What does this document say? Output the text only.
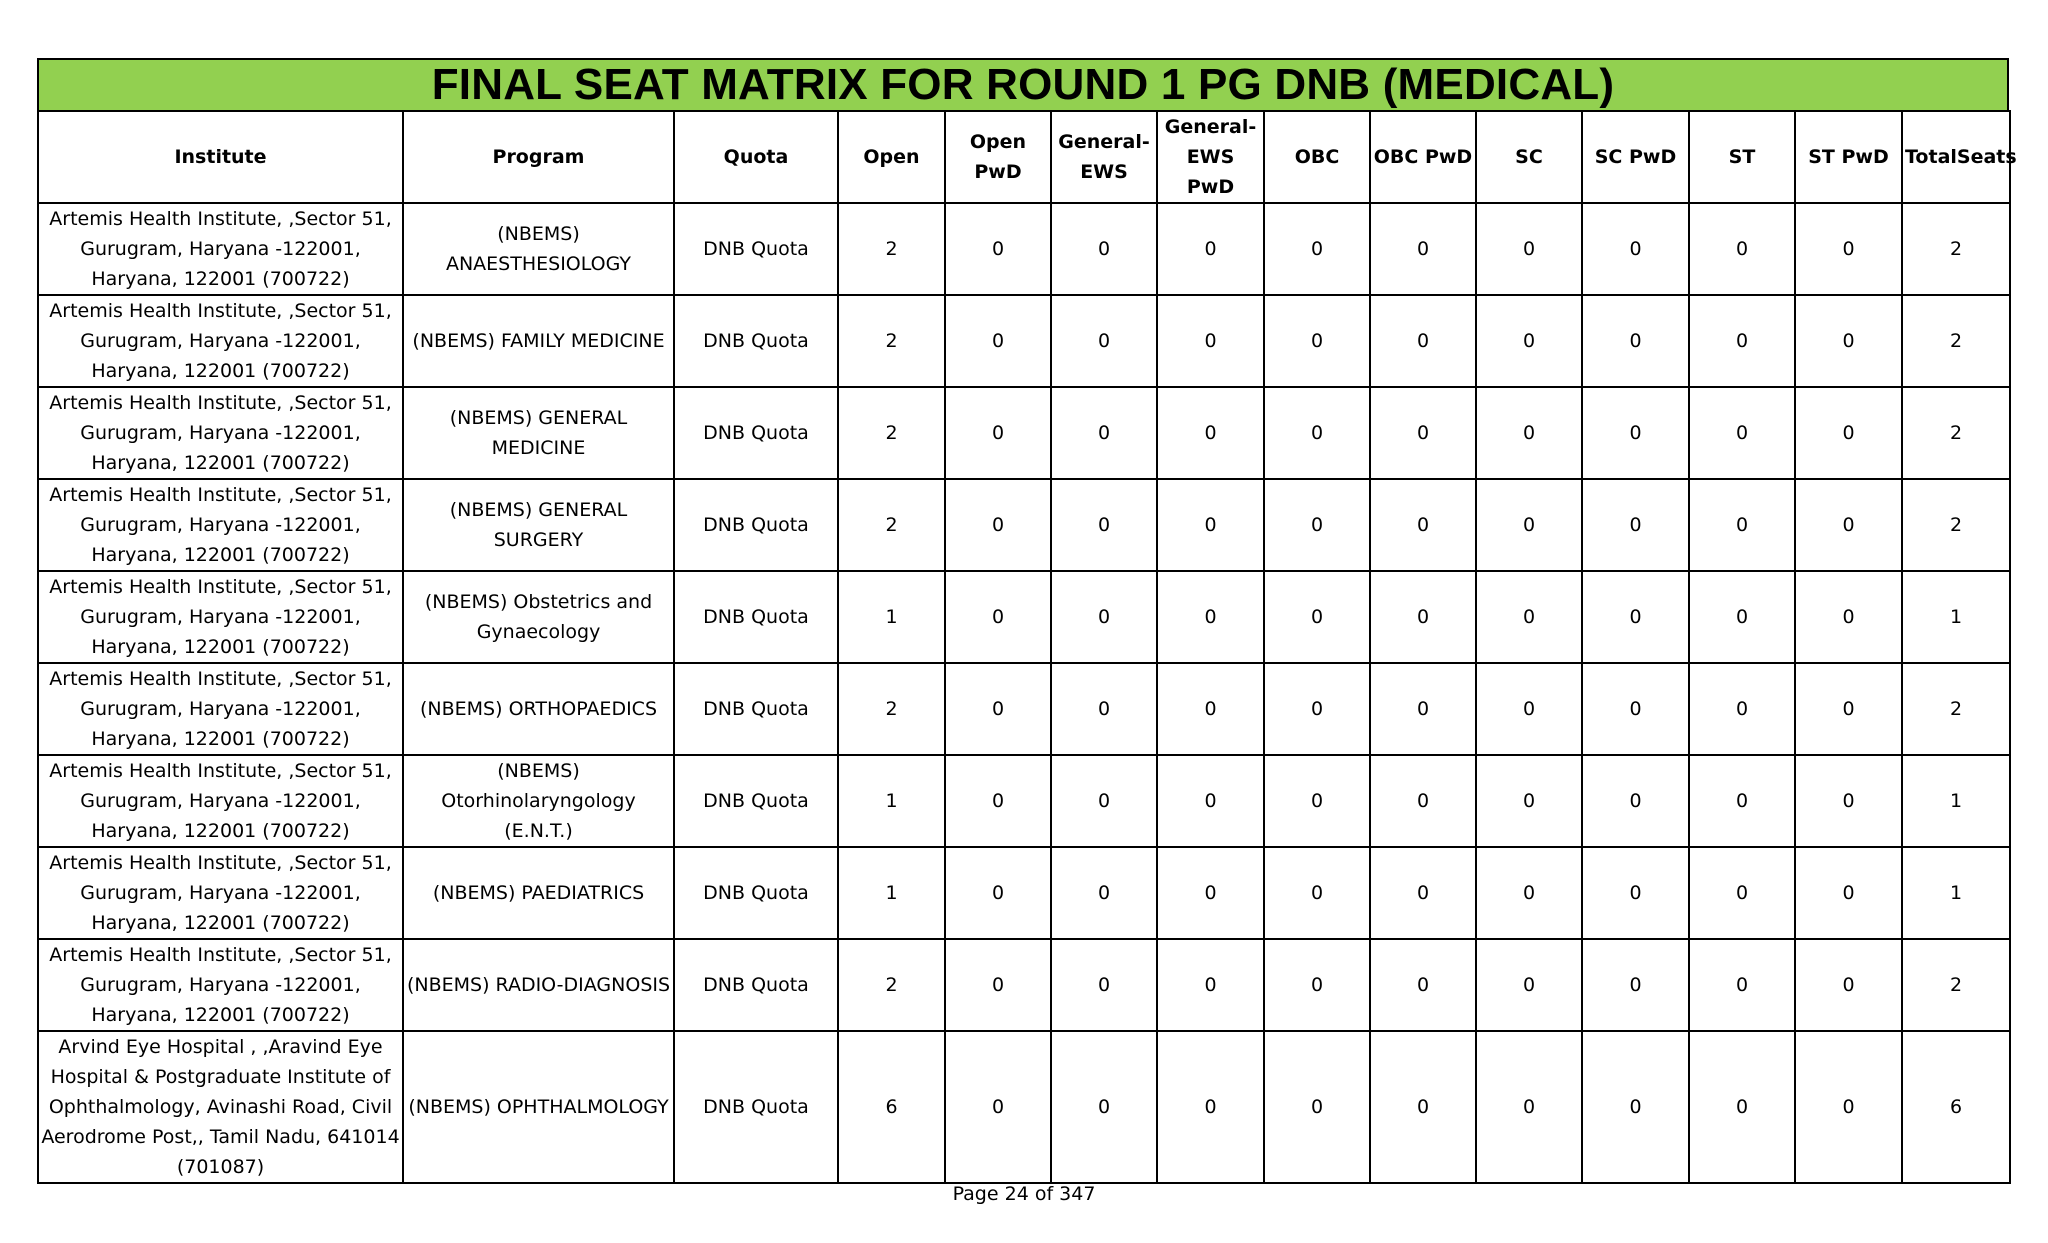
FINAL SEAT MATRIX FOR ROUND 1 PG DNB (MEDICAL)
Institute	Program	Quota	Open	Open PwD	General-EWS	General-EWS PwD	OBC	OBC PwD	SC	SC PwD	ST	ST PwD	TotalSeats
Artemis Health Institute, ,Sector 51, Gurugram, Haryana -122001, Haryana, 122001 (700722)	(NBEMS) ANAESTHESIOLOGY	DNB Quota	2	0	0	0	0	0	0	0	0	0	2
Artemis Health Institute, ,Sector 51, Gurugram, Haryana -122001, Haryana, 122001 (700722)	(NBEMS) FAMILY MEDICINE	DNB Quota	2	0	0	0	0	0	0	0	0	0	2
Artemis Health Institute, ,Sector 51, Gurugram, Haryana -122001, Haryana, 122001 (700722)	(NBEMS) GENERAL MEDICINE	DNB Quota	2	0	0	0	0	0	0	0	0	0	2
Artemis Health Institute, ,Sector 51, Gurugram, Haryana -122001, Haryana, 122001 (700722)	(NBEMS) GENERAL SURGERY	DNB Quota	2	0	0	0	0	0	0	0	0	0	2
Artemis Health Institute, ,Sector 51, Gurugram, Haryana -122001, Haryana, 122001 (700722)	(NBEMS) Obstetrics and Gynaecology	DNB Quota	1	0	0	0	0	0	0	0	0	0	1
Artemis Health Institute, ,Sector 51, Gurugram, Haryana -122001, Haryana, 122001 (700722)	(NBEMS) ORTHOPAEDICS	DNB Quota	2	0	0	0	0	0	0	0	0	0	2
Artemis Health Institute, ,Sector 51, Gurugram, Haryana -122001, Haryana, 122001 (700722)	(NBEMS) Otorhinolaryngology (E.N.T.)	DNB Quota	1	0	0	0	0	0	0	0	0	0	1
Artemis Health Institute, ,Sector 51, Gurugram, Haryana -122001, Haryana, 122001 (700722)	(NBEMS) PAEDIATRICS	DNB Quota	1	0	0	0	0	0	0	0	0	0	1
Artemis Health Institute, ,Sector 51, Gurugram, Haryana -122001, Haryana, 122001 (700722)	(NBEMS) RADIO-DIAGNOSIS	DNB Quota	2	0	0	0	0	0	0	0	0	0	2
Arvind Eye Hospital , ,Aravind Eye Hospital & Postgraduate Institute of Ophthalmology, Avinashi Road, Civil Aerodrome Post,, Tamil Nadu, 641014 (701087)	(NBEMS) OPHTHALMOLOGY	DNB Quota	6	0	0	0	0	0	0	0	0	0	6
Page 24 of 347
